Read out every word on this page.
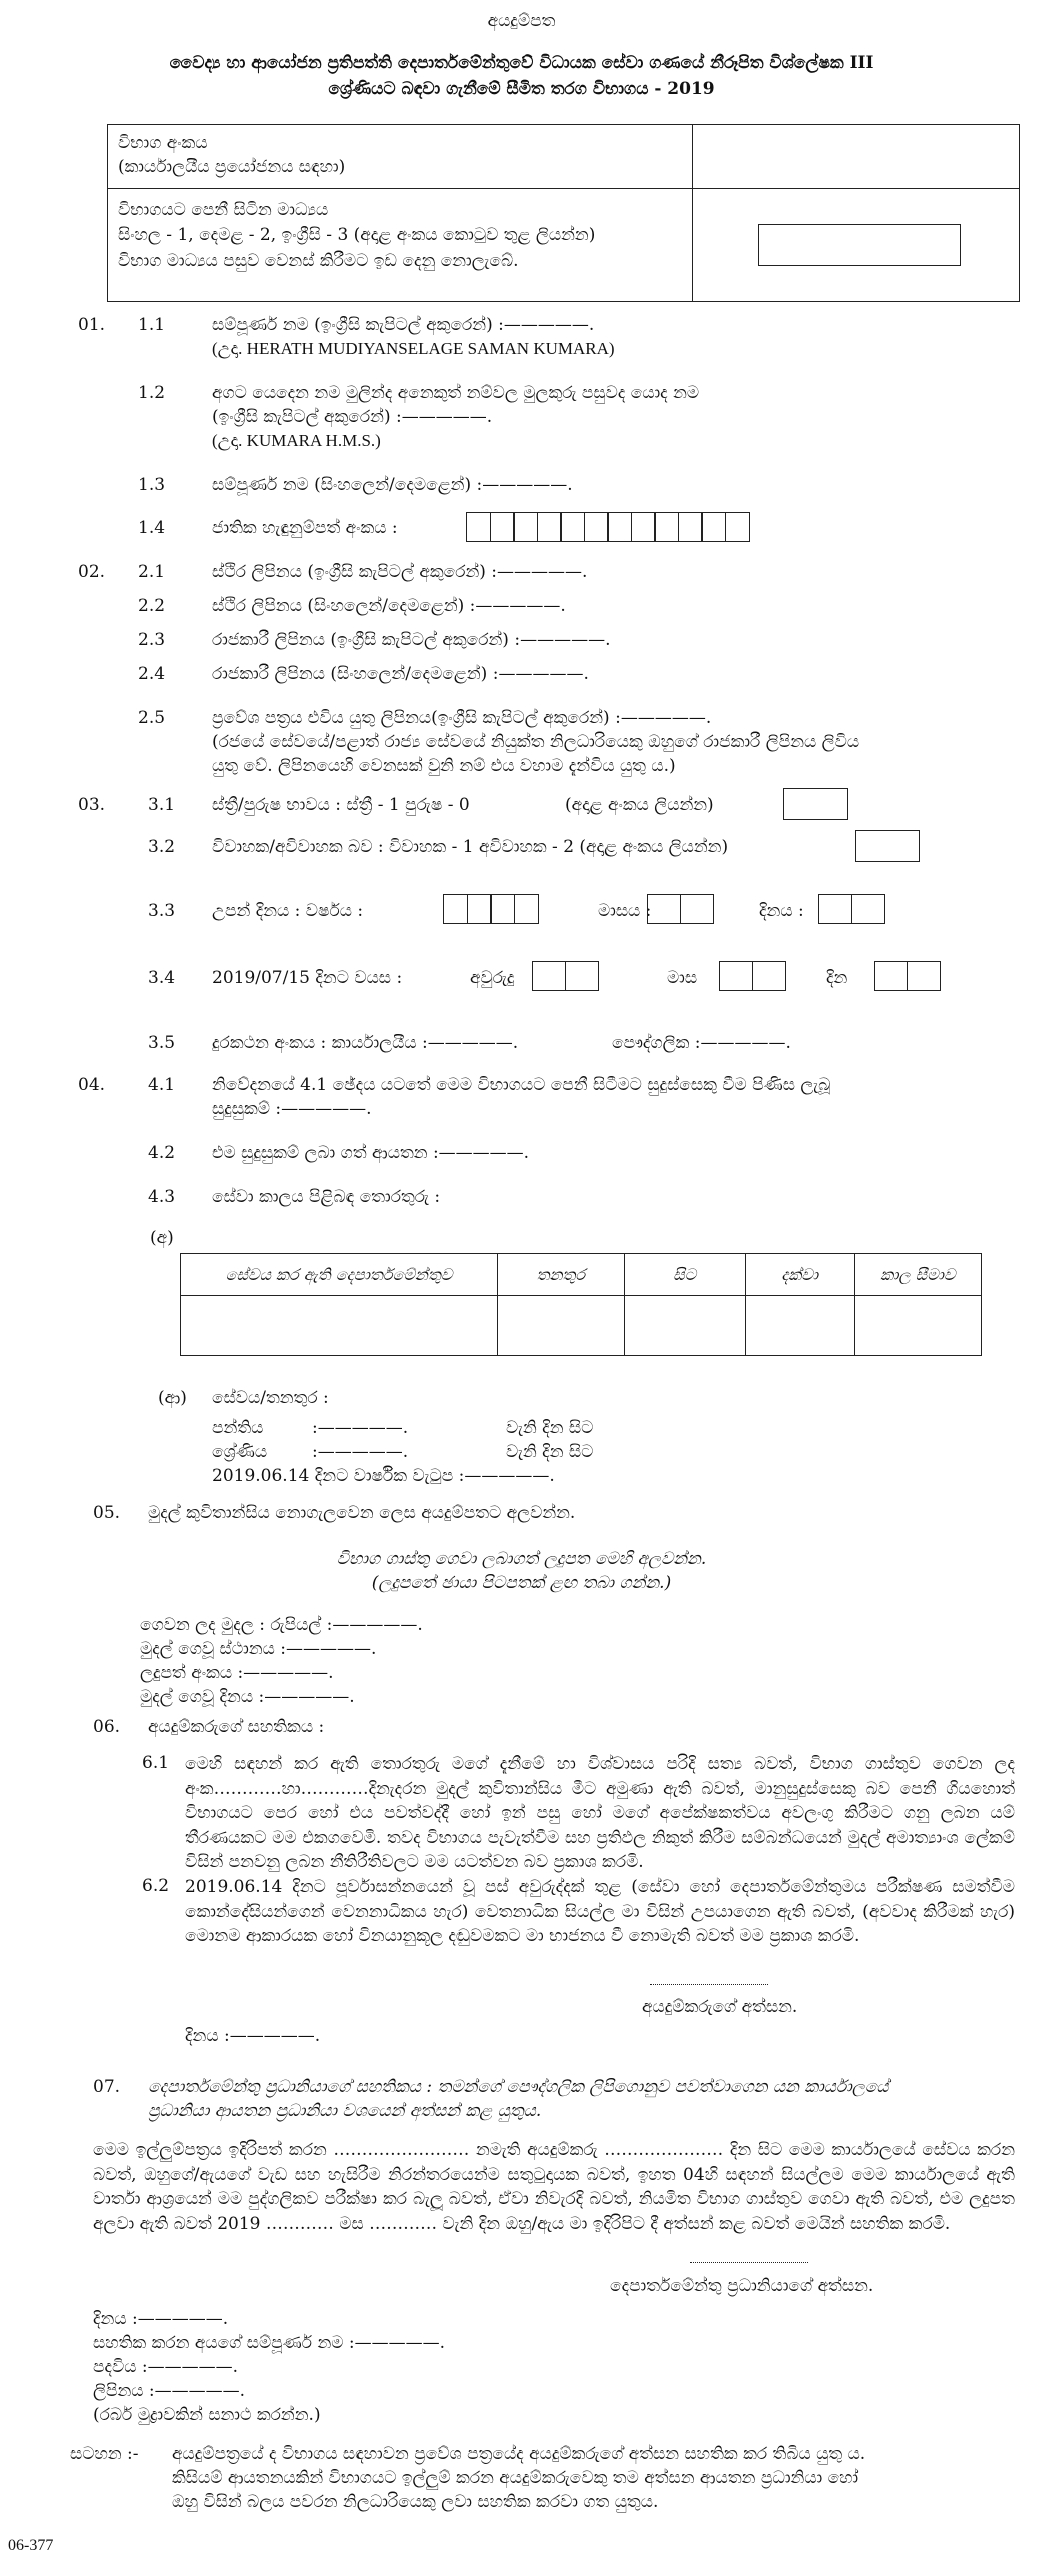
අයදුම්පත
වෛද්‍ය හා ආයෝජන ප්‍රතිපත්ති දෙපාර්තමේන්තුවේ විධායක සේවා ගණයේ නීරූපිත විශ්ලේෂක III
ශ්‍රේණියට බඳවා ගැනීමේ සීමිත තරග විභාගය - 2019
විභාග අංකය
(කාර්යාලයීය ප්‍රයෝජනය සඳහා)
විභාගයට පෙනී සිටින මාධ්‍යය
සිංහල - 1, දෙමළ - 2, ඉංග්‍රීසි - 3 (අදාළ අංකය කොටුව තුළ ලියන්න)
විභාග මාධ්‍යය පසුව වෙනස් කිරීමට ඉඩ දෙනු නොලැබේ.
01. 1.1	සම්පූර්ණ නම (ඉංග්‍රීසි කැපිටල් අකුරෙන්) :—————.
(උදා. HERATH MUDIYANSELAGE SAMAN KUMARA)
1.2	අගට යෙදෙන නම මුලින්ද අනෙකුත් නම්වල මුලකුරු පසුවද යොද නම
(ඉංග්‍රීසි කැපිටල් අකුරෙන්) :—————.
(උදා. KUMARA H.M.S.)
1.3	සම්පූර්ණ නම (සිංහලෙන්/දෙමළෙන්) :—————.
1.4	ජාතික හැඳුනුම්පත් අංකය :
02. 2.1	ස්ථිර ලිපිනය (ඉංග්‍රීසි කැපිටල් අකුරෙන්) :—————.
2.2	ස්ථිර ලිපිනය (සිංහලෙන්/දෙමළෙන්) :—————.
2.3	රාජකාරී ලිපිනය (ඉංග්‍රීසි කැපිටල් අකුරෙන්) :—————.
2.4	රාජකාරී ලිපිනය (සිංහලෙන්/දෙමළෙන්) :—————.
2.5	ප්‍රවේශ පත්‍රය එවිය යුතු ලිපිනය(ඉංග්‍රීසි කැපිටල් අකුරෙන්) :—————.
(රජයේ සේවයේ/පළාත් රාජ්‍ය සේවයේ නියුක්ත නිලධාරියෙකු ඔහුගේ රාජකාරී ලිපිනය ලිවිය
යුතු වේ. ලිපිනයෙහි වෙනසක් වුනි නම් එය වහාම දැන්විය යුතු ය.)
03.	3.1 ස්ත්‍රී/පුරුෂ භාවය : ස්ත්‍රී - 1 පුරුෂ - 0	(අදාළ අංකය ලියන්න)
3.2 විවාහක/අවිවාහක බව : විවාහක - 1 අවිවාහක - 2 (අදාළ අංකය ලියන්න)
3.3 උපන් දිනය : වර්ෂය :	මාසය :	දිනය :
3.4 2019/07/15 දිනට වයස :	අවුරුදු	මාස	දින
3.5 දුරකථන අංකය : කාර්යාලයීය :—————.	පෞද්ගලික :—————.
04.	4.1 නිවේදනයේ 4.1 ඡේදය යටතේ මෙම විභාගයට පෙනී සිටීමට සුදුස්සෙකු වීම පිණිස ලැබූ
සුදුසුකම් :—————.
4.2 එම සුදුසුකම් ලබා ගත් ආයතන :—————.
4.3 සේවා කාලය පිළිබඳ තොරතුරු :
(අ)
සේවය කර ඇති දෙපාර්තමේන්තුව	තනතුර	සිට	දක්වා	කාල සීමාව

(ආ) සේවය/තනතුර :
පන්තිය	:—————.	වැනි දින සිට
ශ්‍රේණිය	:—————.	වැනි දින සිට
2019.06.14 දිනට වාර්ෂික වැටුප :—————.
05. මුදල් කුවිතාන්සිය නොගැලවෙන ලෙස අයදුම්පතට අලවන්න.
විභාග ගාස්තු ගෙවා ලබාගත් ලදුපත මෙහි අලවන්න.
(ලදුපතේ ඡායා පිටපතක් ළඟ තබා ගන්න.)
ගෙවන ලද මුදල : රුපියල් :—————.
මුදල් ගෙවූ ස්ථානය :—————.
ලදුපත් අංකය :—————.
මුදල් ගෙවූ දිනය :—————.
06. අයදුම්කරුගේ සහතිකය :
6.1 මෙහි සඳහන් කර ඇති තොරතුරු මගේ දැනීමේ හා විශ්වාසය පරිදි සත්‍ය බවත්, විභාග ගාස්තුව ගෙවන ලද අංක…………හා…………දිනැදරන මුදල් කුවිතාන්සිය මීට අමුණා ඇති බවත්, මානුසුදුස්සෙකු බව පෙනී ගියහොත් විභාගයට පෙර හෝ එය පවත්වද්දී හෝ ඉන් පසු හෝ මගේ අපේක්ෂකත්වය අවලංගු කිරීමට ගනු ලබන යම් තීරණයකට මම එකගවෙමි. තවද විභාගය පැවැත්වීම සහ ප්‍රතිඵල නිකුත් කිරීම සම්බන්ධයෙන් මුදල් අමාත්‍යාංශ ලේකම් විසින් පනවනු ලබන නීතිරීතිවලට මම යටත්වන බව ප්‍රකාශ කරමි.
6.2 2019.06.14 දිනට පූර්වාසන්නයෙන් වූ පස් අවුරුද්දක් තුළ (සේවා හෝ දෙපාර්තමේන්තුමය පරීක්ෂණ සමත්වීම කොන්දේසියන්ගෙන් වෙනනාධිකය හැර) වෙතනාධික සියල්ල මා විසින් උපයාගෙන ඇති බවත්, (අවවාද කිරීමක් හැර) මොනම ආකාරයක හෝ විනයානුකූල දඬුවමකට මා භාජනය වී නොමැති බවත් මම ප්‍රකාශ කරමි.
අයදුම්කරුගේ අත්සන.
දිනය :—————.
07. දෙපාර්තමේන්තු ප්‍රධානියාගේ සහතිකය : තමන්ගේ පෞද්ගලික ලිපිගොනුව පවත්වාගෙන යන කාර්යාලයේ
ප්‍රධානියා ආයතන ප්‍රධානියා වශයෙන් අත්සන් කළ යුතුය.
මෙම ඉල්ලුම්පත්‍රය ඉදිරිපත් කරන …………………… නමැති අයදුම්කරු ………………… දින සිට මෙම කාර්යාලයේ සේවය කරන බවත්, ඔහුගේ/ඇයගේ වැඩ සහ හැසිරීම නිරන්තරයෙන්ම සතුටුදායක බවත්, ඉහත 04හි සඳහන් සියල්ලම මෙම කාර්යාලයේ ඇති වාර්තා ආශ්‍රයෙන් මම පුද්ගලිකව පරීක්ෂා කර බැලූ බවත්, ඒවා නිවැරදි බවත්, නියමිත විභාග ගාස්තුව ගෙවා ඇති බවත්, එම ලදුපත අලවා ඇති බවත් 2019 ………… මස ………… වැනි දින ඔහු/ඇය මා ඉදිරිපිට දී අත්සන් කළ බවත් මෙයින් සහතික කරමි.
දෙපාර්තමේන්තු ප්‍රධානියාගේ අත්සන.
දිනය :—————.
සහතික කරන අයගේ සම්පූර්ණ නම :—————.
පදවිය :—————.
ලිපිනය :—————.
(රබර් මුද්‍රාවකින් සනාථ කරන්න.)
සටහන :- අයදුම්පත්‍රයේ ද විභාගය සඳහාවන ප්‍රවේශ පත්‍රයේද අයදුම්කරුගේ අත්සන සහතික කර තිබිය යුතු ය.
කිසියම් ආයතනයකින් විභාගයට ඉල්ලුම් කරන අයදුම්කරුවෙකු තම අත්සන ආයතන ප්‍රධානියා හෝ
ඔහු විසින් බලය පවරන නිලධාරියෙකු ලවා සහතික කරවා ගත යුතුය.
06-377
